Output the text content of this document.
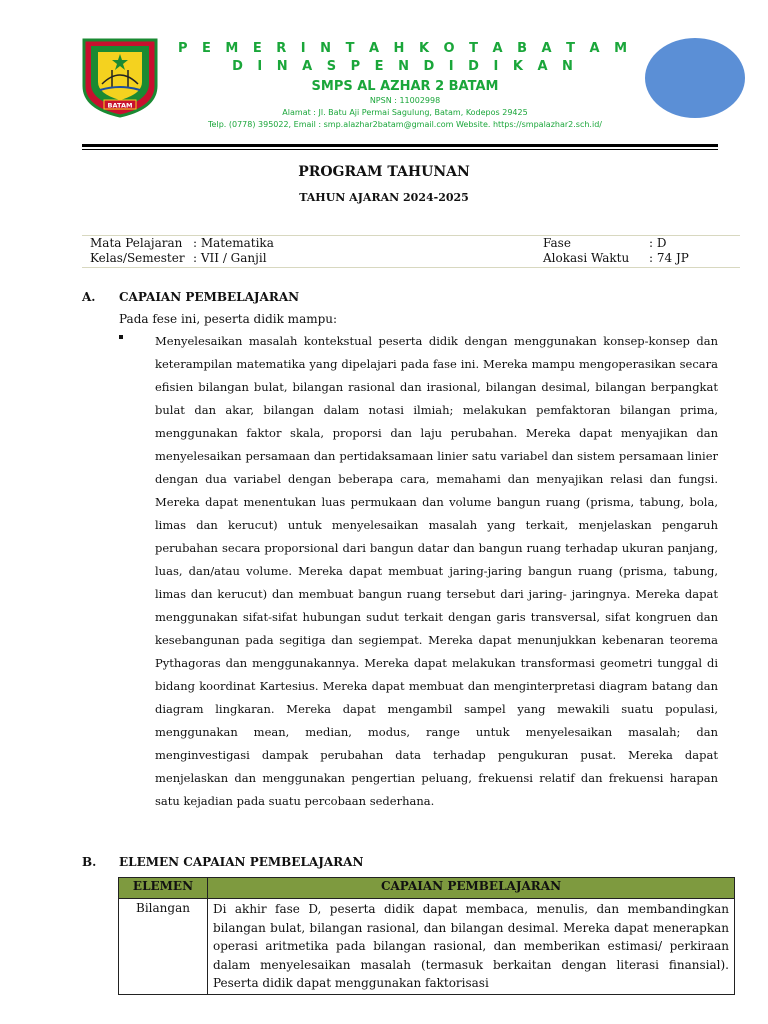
BATAM
P E M E R I N T A H K O T A B A T A M
D I N A S P E N D I D I K A N
SMPS AL AZHAR 2 BATAM
NPSN : 11002998
Alamat : Jl. Batu Aji Permai Sagulung, Batam, Kodepos 29425
Telp. (0778) 395022, Email : smp.alazhar2batam@gmail.com Website. https://smpalazhar2.sch.id/
PROGRAM TAHUNAN
TAHUN AJARAN 2024-2025
Mata Pelajaran : Matematika
Kelas/Semester : VII / Ganjil
Fase	: D
Alokasi Waktu : 74 JP
A. CAPAIAN PEMBELAJARAN
Pada fese ini, peserta didik mampu:
Menyelesaikan masalah kontekstual peserta didik dengan menggunakan konsep-konsep dan keterampilan matematika yang dipelajari pada fase ini. Mereka mampu mengoperasikan secara efisien bilangan bulat, bilangan rasional dan irasional, bilangan desimal, bilangan berpangkat bulat dan akar, bilangan dalam notasi ilmiah; melakukan pemfaktoran bilangan prima, menggunakan faktor skala, proporsi dan laju perubahan. Mereka dapat menyajikan dan menyelesaikan persamaan dan pertidaksamaan linier satu variabel dan sistem persamaan linier dengan dua variabel dengan beberapa cara, memahami dan menyajikan relasi dan fungsi. Mereka dapat menentukan luas permukaan dan volume bangun ruang (prisma, tabung, bola, limas dan kerucut) untuk menyelesaikan masalah yang terkait, menjelaskan pengaruh perubahan secara proporsional dari bangun datar dan bangun ruang terhadap ukuran panjang, luas, dan/atau volume. Mereka dapat membuat jaring-jaring bangun ruang (prisma, tabung, limas dan kerucut) dan membuat bangun ruang tersebut dari jaring- jaringnya. Mereka dapat menggunakan sifat-sifat hubungan sudut terkait dengan garis transversal, sifat kongruen dan kesebangunan pada segitiga dan segiempat. Mereka dapat menunjukkan kebenaran teorema Pythagoras dan menggunakannya. Mereka dapat melakukan transformasi geometri tunggal di bidang koordinat Kartesius. Mereka dapat membuat dan menginterpretasi diagram batang dan diagram lingkaran. Mereka dapat mengambil sampel yang mewakili suatu populasi, menggunakan mean, median, modus, range untuk menyelesaikan masalah; dan menginvestigasi dampak perubahan data terhadap pengukuran pusat. Mereka dapat menjelaskan dan menggunakan pengertian peluang, frekuensi relatif dan frekuensi harapan satu kejadian pada suatu percobaan sederhana.
B. ELEMEN CAPAIAN PEMBELAJARAN
ELEMEN	CAPAIAN PEMBELAJARAN
Bilangan	Di akhir fase D, peserta didik dapat membaca, menulis, dan membandingkan bilangan bulat, bilangan rasional, dan bilangan desimal. Mereka dapat menerapkan operasi aritmetika pada bilangan rasional, dan memberikan estimasi/ perkiraan dalam menyelesaikan masalah (termasuk berkaitan dengan literasi finansial). Peserta didik dapat menggunakan faktorisasi
